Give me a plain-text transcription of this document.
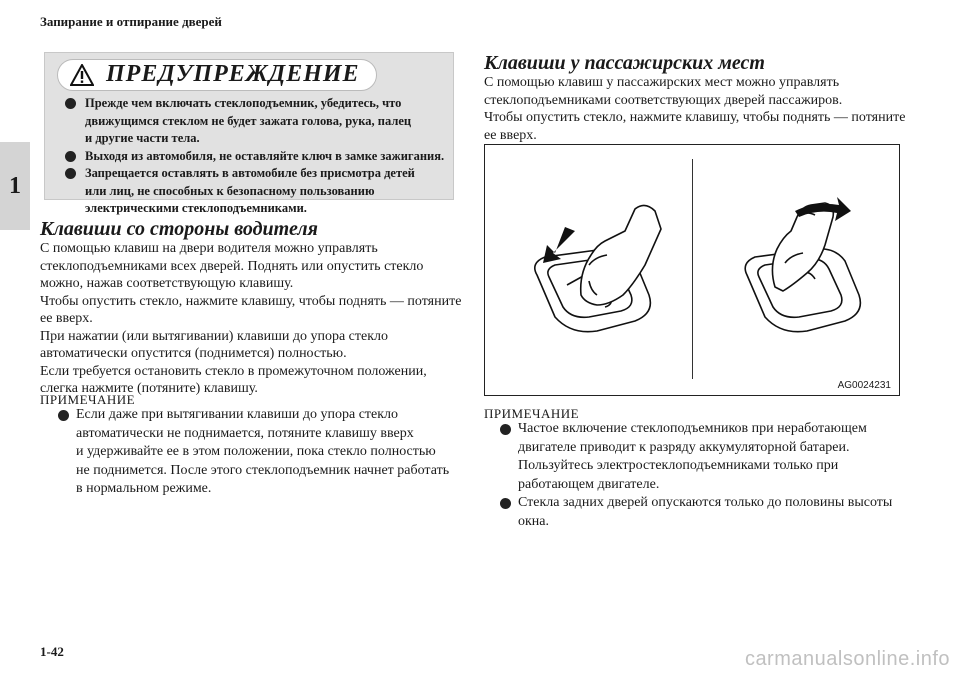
Запирание и отпирание дверей
1
ПРЕДУПРЕЖДЕНИЕ
Прежде чем включать стеклоподъемник, убедитесь, что
движущимся стеклом не будет зажата голова, рука, палец
и другие части тела.
Выходя из автомобиля, не оставляйте ключ в замке зажигания.
Запрещается оставлять в автомобиле без присмотра детей
или лиц, не способных к безопасному пользованию
электрическими стеклоподъемниками.
Клавиши со стороны водителя
С помощью клавиш на двери водителя можно управлять
стеклоподъемниками всех дверей. Поднять или опустить стекло
можно, нажав соответствующую клавишу.
Чтобы опустить стекло, нажмите клавишу, чтобы поднять — потяните
ее вверх.
При нажатии (или вытягивании) клавиши до упора стекло
автоматически опустится (поднимется) полностью.
Если требуется остановить стекло в промежуточном положении,
слегка нажмите (потяните) клавишу.
ПРИМЕЧАНИЕ
Если даже при вытягивании клавиши до упора стекло
автоматически не поднимается, потяните клавишу вверх
и удерживайте ее в этом положении, пока стекло полностью
не поднимется. После этого стеклоподъемник начнет работать
в нормальном режиме.
Клавиши у пассажирских мест
С помощью клавиш у пассажирских мест можно управлять
стеклоподъемниками соответствующих дверей пассажиров.
Чтобы опустить стекло, нажмите клавишу, чтобы поднять — потяните
ее вверх.
AG0024231
ПРИМЕЧАНИЕ
Частое включение стеклоподъемников при неработающем
двигателе приводит к разряду аккумуляторной батареи.
Пользуйтесь электростеклоподъемниками только при
работающем двигателе.
Стекла задних дверей опускаются только до половины высоты
окна.
1-42	carmanualsonline.info
